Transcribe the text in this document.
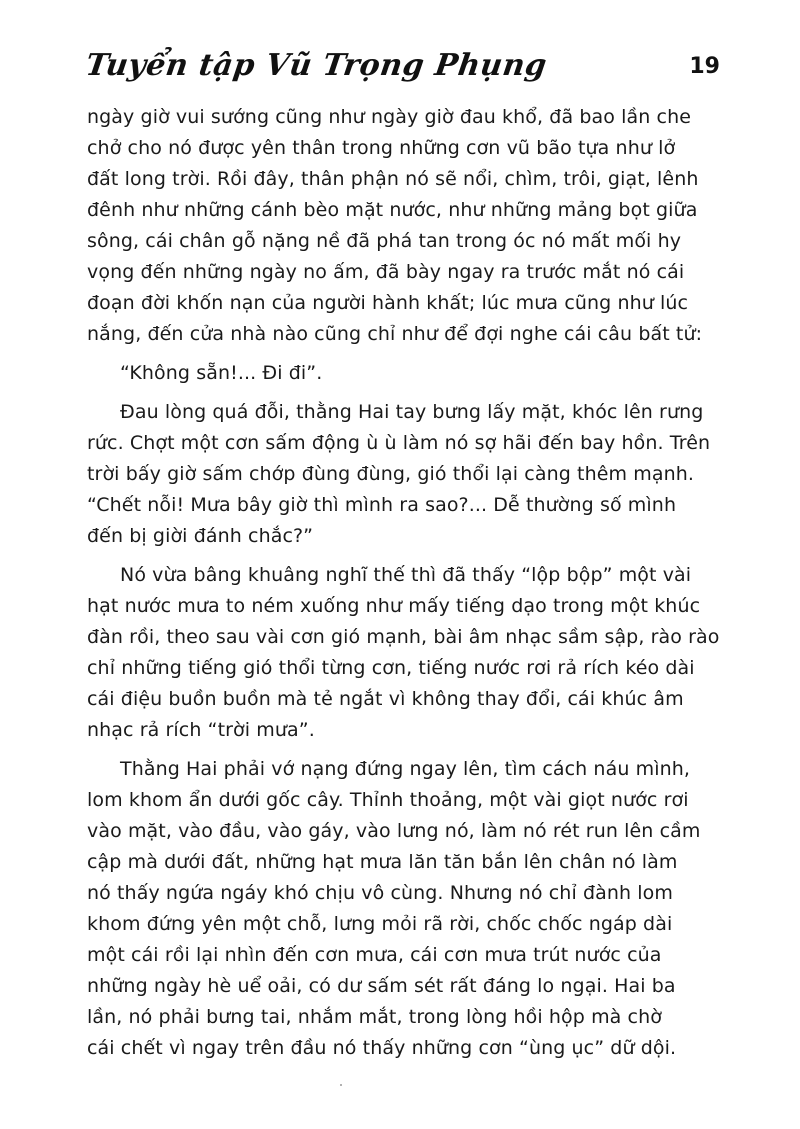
Tuyển tập Vũ Trọng Phụng	19

ngày giờ vui sướng cũng như ngày giờ đau khổ, đã bao lần che
chở cho nó được yên thân trong những cơn vũ bão tựa như lở
đất long trời. Rồi đây, thân phận nó sẽ nổi, chìm, trôi, giạt, lênh
đênh như những cánh bèo mặt nước, như những mảng bọt giữa
sông, cái chân gỗ nặng nề đã phá tan trong óc nó mất mối hy
vọng đến những ngày no ấm, đã bày ngay ra trước mắt nó cái
đoạn đời khốn nạn của người hành khất; lúc mưa cũng như lúc
nắng, đến cửa nhà nào cũng chỉ như để đợi nghe cái câu bất tử:

“Không sẵn!... Đi đi”.

Đau lòng quá đỗi, thằng Hai tay bưng lấy mặt, khóc lên rưng
rức. Chợt một cơn sấm động ù ù làm nó sợ hãi đến bay hồn. Trên
trời bấy giờ sấm chớp đùng đùng, gió thổi lại càng thêm mạnh.
“Chết nỗi! Mưa bây giờ thì mình ra sao?... Dễ thường số mình
đến bị giời đánh chắc?”

Nó vừa bâng khuâng nghĩ thế thì đã thấy “lộp bộp” một vài
hạt nước mưa to ném xuống như mấy tiếng dạo trong một khúc
đàn rồi, theo sau vài cơn gió mạnh, bài âm nhạc sầm sập, rào rào
chỉ những tiếng gió thổi từng cơn, tiếng nước rơi rả rích kéo dài
cái điệu buồn buồn mà tẻ ngắt vì không thay đổi, cái khúc âm
nhạc rả rích “trời mưa”.

Thằng Hai phải vớ nạng đứng ngay lên, tìm cách náu mình,
lom khom ẩn dưới gốc cây. Thỉnh thoảng, một vài giọt nước rơi
vào mặt, vào đầu, vào gáy, vào lưng nó, làm nó rét run lên cầm
cập mà dưới đất, những hạt mưa lăn tăn bắn lên chân nó làm
nó thấy ngứa ngáy khó chịu vô cùng. Nhưng nó chỉ đành lom
khom đứng yên một chỗ, lưng mỏi rã rời, chốc chốc ngáp dài
một cái rồi lại nhìn đến cơn mưa, cái cơn mưa trút nước của
những ngày hè uể oải, có dư sấm sét rất đáng lo ngại. Hai ba
lần, nó phải bưng tai, nhắm mắt, trong lòng hồi hộp mà chờ
cái chết vì ngay trên đầu nó thấy những cơn “ùng ục” dữ dội.
